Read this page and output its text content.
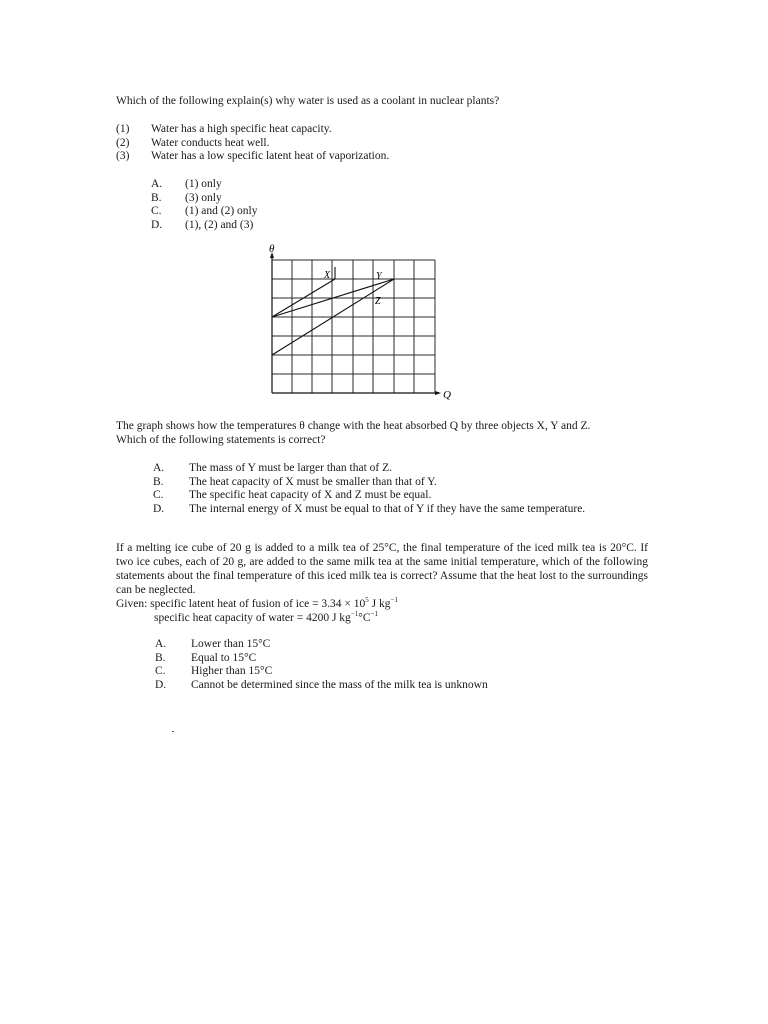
Which of the following explain(s) why water is used as a coolant in nuclear plants?
(1)	Water has a high specific heat capacity.
(2)	Water conducts heat well.
(3)	Water has a low specific latent heat of vaporization.
A.	(1) only
B.	(3) only
C.	(1) and (2) only
D.	(1), (2) and (3)
θ
Q
X	Y
Z
The graph shows how the temperatures θ change with the heat absorbed Q by three objects X, Y and Z.
Which of the following statements is correct?
A.	The mass of Y must be larger than that of Z.
B.	The heat capacity of X must be smaller than that of Y.
C.	The specific heat capacity of X and Z must be equal.
D.	The internal energy of X must be equal to that of Y if they have the same temperature.
If a melting ice cube of 20 g is added to a milk tea of 25°C, the final temperature of the iced milk tea is 20°C. If two ice cubes, each of 20 g, are added to the same milk tea at the same initial temperature, which of the following statements about the final temperature of this iced milk tea is correct? Assume that the heat lost to the surroundings can be neglected.
Given: specific latent heat of fusion of ice = $3.34 \times 10^5$ J $kg^{-1}$
specific heat capacity of water = 4200 J $kg^{-1}^\circ C^{-1}$
A.	Lower than 15°C
B.	Equal to 15°C
C.	Higher than 15°C
D.	Cannot be determined since the mass of the milk tea is unknown
